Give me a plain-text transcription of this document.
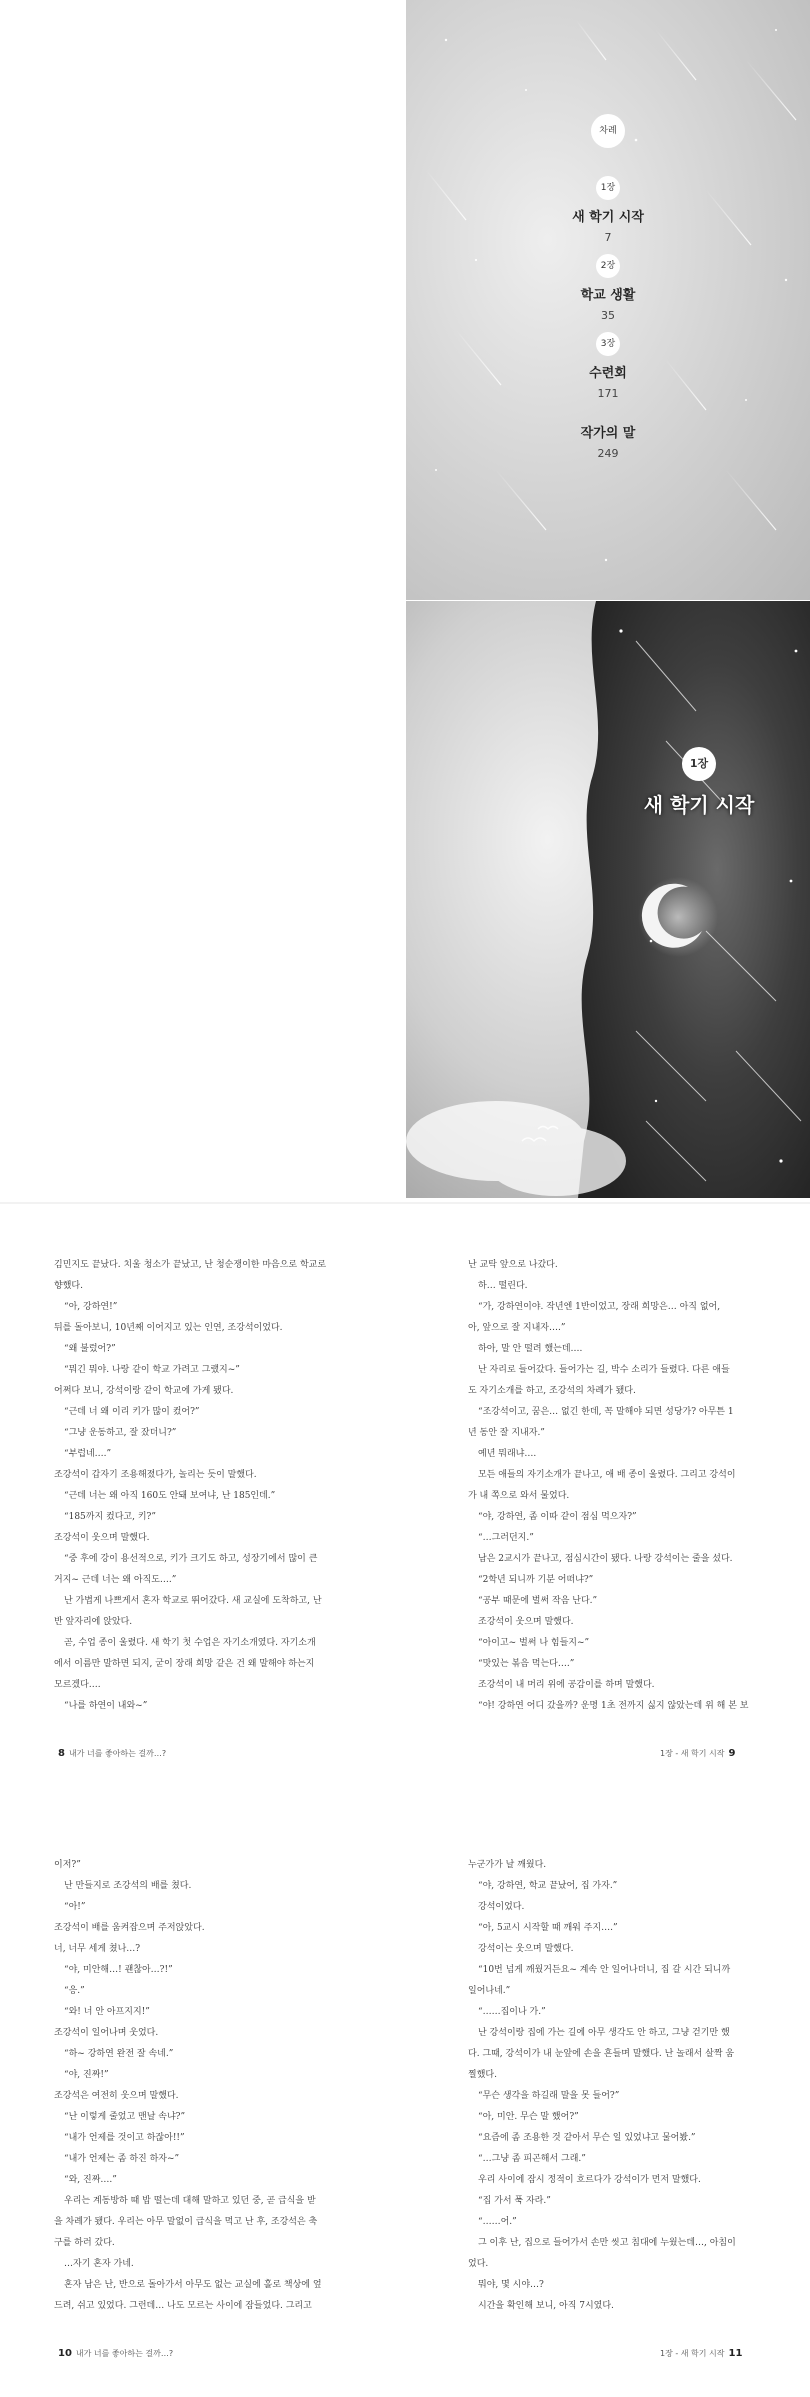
차례
1장
새 학기 시작
7
2장
학교 생활
35
3장
수련회
171
작가의 말
249
1장
새 학기 시작

김민지도 끝났다. 치울 청소가 끝났고, 난 청순쟁이한 마음으로 학교로

향했다.

“아, 강하연!”

뒤를 돌아보니, 10년째 이어지고 있는 인연, 조강석이었다.

“왜 불렀어?”

“뭐긴 뭐야. 나랑 같이 학교 가려고 그랬지~”

어쩌다 보니, 강석이랑 같이 학교에 가게 됐다.

“근데 너 왜 이리 키가 많이 컸어?”

“그냥 운동하고, 잘 잤더니?”

“부럽네….”

조강석이 갑자기 조용해졌다가, 놀리는 듯이 말했다.

“근데 너는 왜 아직 160도 안돼 보여냐, 난 185인데.”

“185까지 컸다고, 키?”

조강석이 웃으며 말했다.

“중 후에 강이 용선적으로, 키가 크기도 하고, 성장기에서 많이 큰

거지~ 근데 너는 왜 아직도….”

난 가볍게 나쁘게서 혼자 학교로 뛰어갔다. 새 교실에 도착하고, 난

반 앞자리에 앉았다.

곧, 수업 종이 울렸다. 새 학기 첫 수업은 자기소개였다. 자기소개

에서 이름만 말하면 되지, 굳이 장래 희망 같은 건 왜 말해야 하는지

모르겠다….

“나를 하연이 내와~”

8 내가 너를 좋아하는 걸까…?

난 교탁 앞으로 나갔다.

하… 떨린다.

“가, 강하연이야. 작년엔 1반이었고, 장래 희망은… 아직 없어,

아, 앞으로 잘 지내자….”

하아, 말 안 떨려 했는데….

난 자리로 들어갔다. 들어가는 길, 박수 소리가 들렸다. 다른 애들

도 자기소개를 하고, 조강석의 차례가 됐다.

“조강석이고, 꿈은… 없긴 한데, 꼭 말해야 되면 성당가? 아무튼 1

년 동안 잘 지내자.”

예년 뭐래냐….

모든 애들의 자기소개가 끝나고, 애 배 종이 울렸다. 그리고 강석이

가 내 쪽으로 와서 물었다.

“야, 강하연, 좀 이따 같이 점심 먹으자?”

“…그러던지.”

남은 2교시가 끝나고, 점심시간이 됐다. 나랑 강석이는 줄을 섰다.

“2학년 되니까 기분 어떠냐?”

“공부 때문에 벌써 작음 난다.”

조강석이 웃으며 말했다.

“아이고~ 벌써 나 힘들지~”

“맛있는 볶음 먹는다….”

조강석이 내 머리 위에 공감이를 하며 말했다.

“야! 강하연 어디 갔을까? 운명 1초 전까지 싫지 않았는데 위 해 본 보

1장 - 새 학기 시작 9

이저?”

난 만들지로 조강석의 배를 쳤다.

“아!”

조강석이 배를 움켜잡으며 주저앉았다.

너, 너무 세게 쳤나…?

“야, 미안해…! 괜찮아…?!”

“응.”

“와! 너 안 아프지지!”

조강석이 일어나며 웃었다.

“하~ 강하연 완전 잘 속네.”

“야, 진짜!”

조강석은 여전히 웃으며 말했다.

“난 이렇게 줄었고 맨날 속냐?”

“내가 언제를 것이고 하잖아!!”

“내가 언제는 좀 하진 하자~”

“와, 진짜….”

우리는 계동방하 때 밥 떨는데 대해 말하고 있던 중, 곧 급식을 받

을 차례가 됐다. 우리는 아무 말없이 급식을 먹고 난 후, 조강석은 축

구를 하러 갔다.

…자기 혼자 가네.

혼자 남은 난, 반으로 돌아가서 아무도 없는 교실에 홀로 책상에 엎

드려, 쉬고 있었다. 그런데… 나도 모르는 사이에 잠들었다. 그리고

10 내가 너를 좋아하는 걸까…?

누군가가 날 깨웠다.

“야, 강하연, 학교 끝났어, 집 가자.”

강석이었다.

“아, 5교시 시작할 때 깨워 주지….”

강석이는 웃으며 말했다.

“10번 넘게 깨웠거든요~ 계속 안 일어나더니, 집 갈 시간 되니까

일어나네.”

“……집이나 가.”

난 강석이랑 집에 가는 길에 아무 생각도 안 하고, 그냥 걷기만 했

다. 그때, 강석이가 내 눈앞에 손을 흔들며 말했다. 난 놀래서 살짝 움

찔했다.

“무슨 생각을 하길래 말을 못 들어?”

“아, 미안. 무슨 말 했어?”

“요즘에 좀 조용한 것 같아서 무슨 일 있었냐고 물어봤.”

“…그냥 좀 피곤해서 그래.”

우리 사이에 잠시 정적이 흐르다가 강석이가 먼저 말했다.

“집 가서 푹 자라.”

“……어.”

그 이후 난, 집으로 들어가서 손만 씻고 침대에 누웠는데…, 아침이

었다.

뭐야, 몇 시야…?

시간을 확인해 보니, 아직 7시였다.

1장 - 새 학기 시작 11
